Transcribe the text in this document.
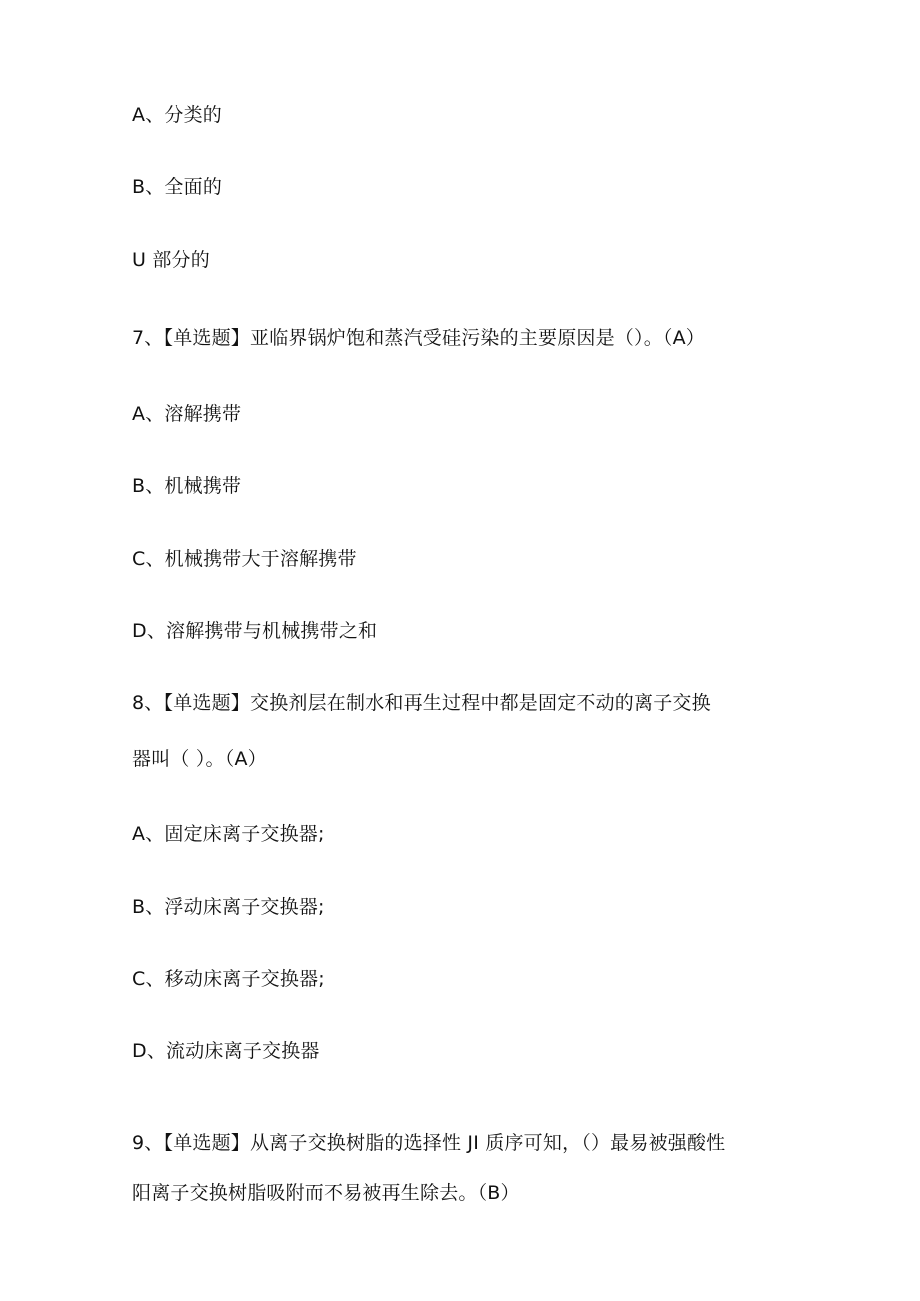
A、分类的
B、全面的
U 部分的
7、【单选题】亚临界锅炉饱和蒸汽受硅污染的主要原因是（）。（A）
A、溶解携带
B、机械携带
C、机械携带大于溶解携带
D、溶解携带与机械携带之和
8、【单选题】交换剂层在制水和再生过程中都是固定不动的离子交换
器叫（ ）。（A）
A、固定床离子交换器;
B、浮动床离子交换器;
C、移动床离子交换器;
D、流动床离子交换器
9、【单选题】从离子交换树脂的选择性 JI 质序可知，（）最易被强酸性
阳离子交换树脂吸附而不易被再生除去。（B）
